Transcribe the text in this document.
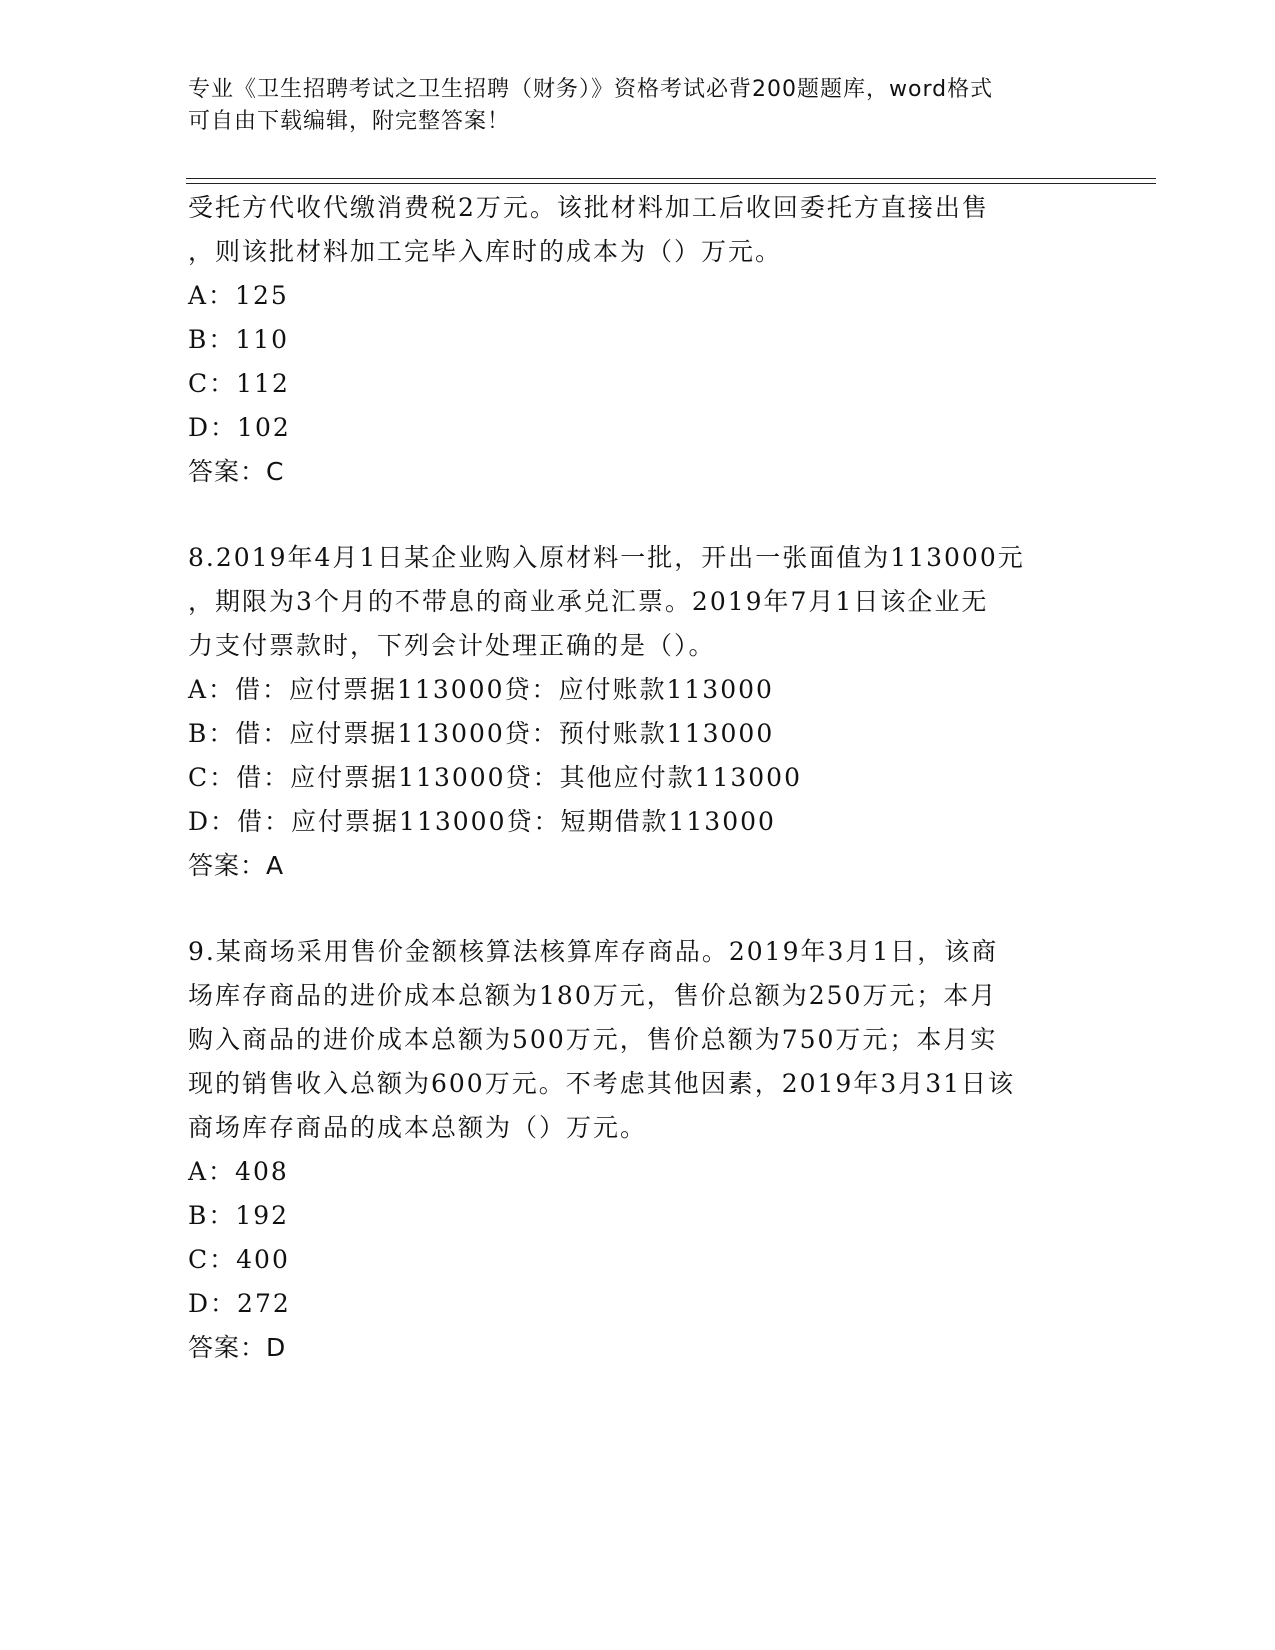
专业《卫生招聘考试之卫生招聘（财务）》资格考试必背200题题库，word格式
可自由下载编辑，附完整答案！
受托方代收代缴消费税2万元。该批材料加工后收回委托方直接出售
，则该批材料加工完毕入库时的成本为（）万元。
A：125
B：110
C：112
D：102
答案：C
8.2019年4月1日某企业购入原材料一批，开出一张面值为113000元
，期限为3个月的不带息的商业承兑汇票。2019年7月1日该企业无
力支付票款时，下列会计处理正确的是（）。
A：借：应付票据113000贷：应付账款113000
B：借：应付票据113000贷：预付账款113000
C：借：应付票据113000贷：其他应付款113000
D：借：应付票据113000贷：短期借款113000
答案：A
9.某商场采用售价金额核算法核算库存商品。2019年3月1日，该商
场库存商品的进价成本总额为180万元，售价总额为250万元；本月
购入商品的进价成本总额为500万元，售价总额为750万元；本月实
现的销售收入总额为600万元。不考虑其他因素，2019年3月31日该
商场库存商品的成本总额为（）万元。
A：408
B：192
C：400
D：272
答案：D
